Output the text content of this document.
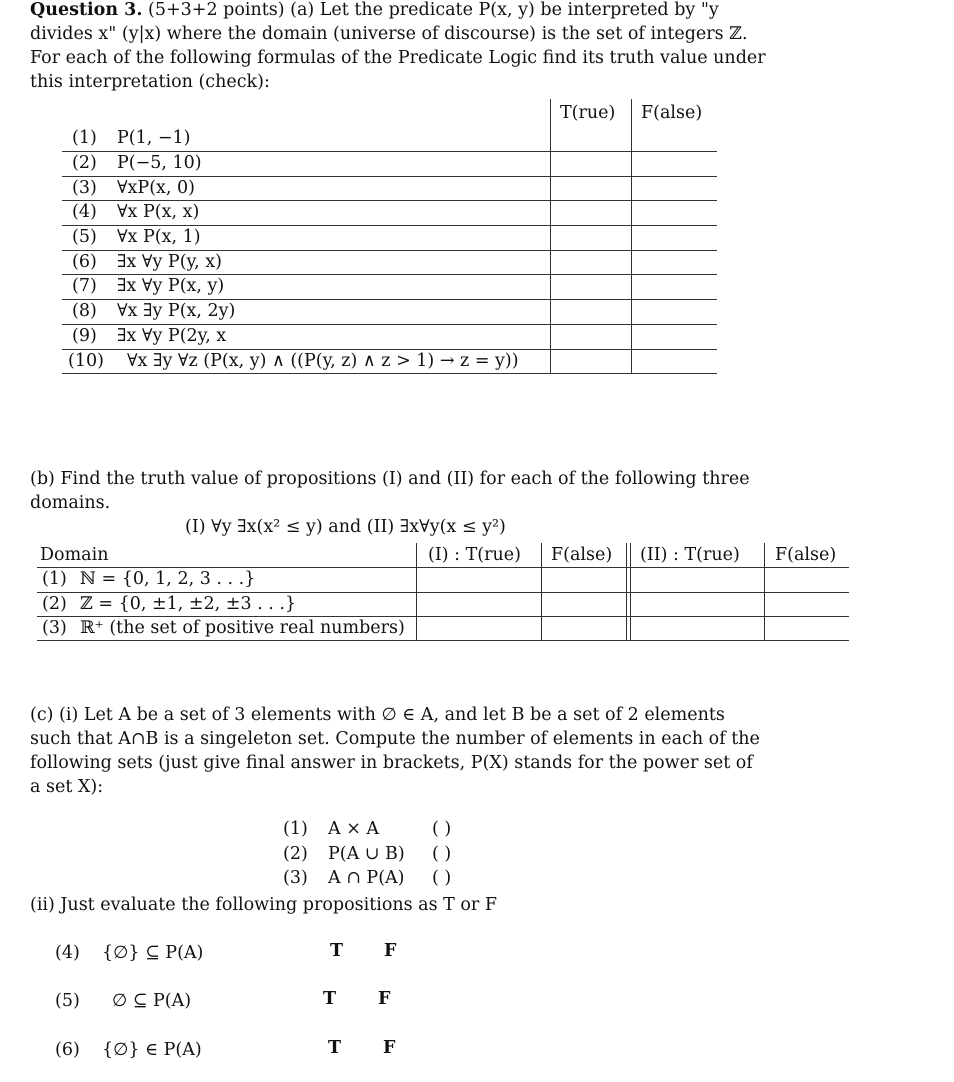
Question 3. (5+3+2 points) (a) Let the predicate P(x, y) be interpreted by "y

divides x" (y|x) where the domain (universe of discourse) is the set of integers ℤ.

For each of the following formulas of the Predicate Logic find its truth value under

this interpretation (check):

T(rue) F(alse)
(1) P(1, −1)
(2) P(−5, 10)
(3) ∀xP(x, 0)
(4) ∀x P(x, x)
(5) ∀x P(x, 1)
(6) ∃x ∀y P(y, x)
(7) ∃x ∀y P(x, y)
(8) ∀x ∃y P(x, 2y)
(9) ∃x ∀y P(2y, x
(10) ∀x ∃y ∀z (P(x, y) ∧ ((P(y, z) ∧ z > 1) → z = y))

(b) Find the truth value of propositions (I) and (II) for each of the following three

domains.

(I) ∀y ∃x(x² ≤ y) and (II) ∃x∀y(x ≤ y²)
Domain	(I) : T(rue) F(alse) (II) : T(rue) F(alse)
(1) ℕ = {0, 1, 2, 3 . . .}
(2) ℤ = {0, ±1, ±2, ±3 . . .}
(3) ℝ⁺ (the set of positive real numbers)

(c) (i) Let A be a set of 3 elements with ∅ ∈ A, and let B be a set of 2 elements

such that A∩B is a singeleton set. Compute the number of elements in each of the

following sets (just give final answer in brackets, P(X) stands for the power set of

a set X):

(1) A × A	( )
(2) P(A ∪ B) ( )
(3) A ∩ P(A) ( )
(ii) Just evaluate the following propositions as T or F
(4) {∅} ⊆ P(A)	T F
(5) ∅ ⊆ P(A)	T F
(6) {∅} ∈ P(A)	T F
